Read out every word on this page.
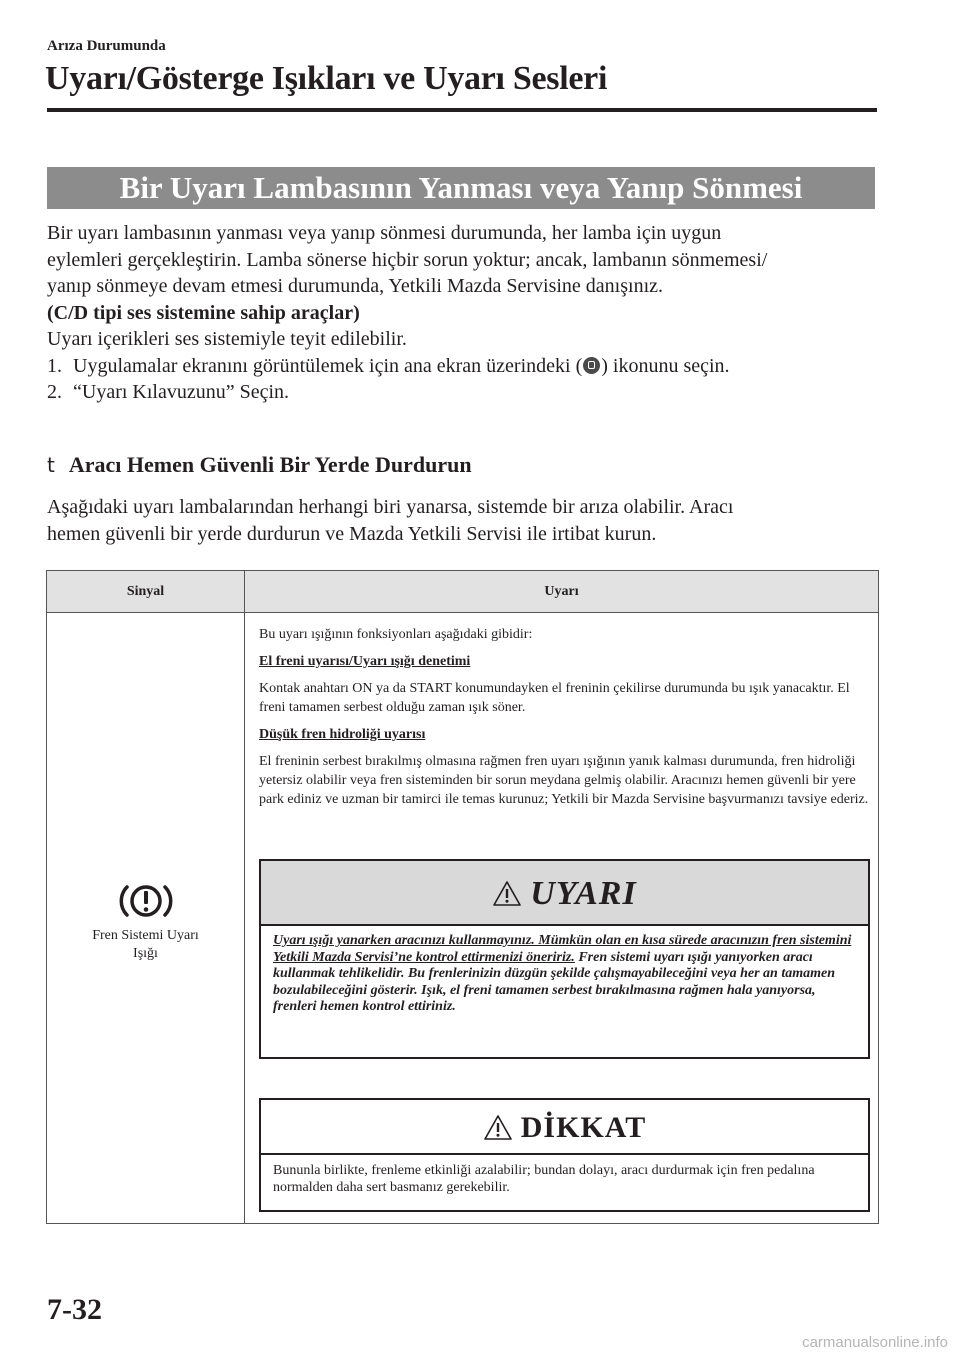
Arıza Durumunda
Uyarı/Gösterge Işıkları ve Uyarı Sesleri
Bir Uyarı Lambasının Yanması veya Yanıp Sönmesi

Bir uyarı lambasının yanması veya yanıp sönmesi durumunda, her lamba için uygun

eylemleri gerçekleştirin. Lamba sönerse hiçbir sorun yoktur; ancak, lambanın sönmemesi/

yanıp sönmeye devam etmesi durumunda, Yetkili Mazda Servisine danışınız.

(C/D tipi ses sistemine sahip araçlar)

Uyarı içerikleri ses sistemiyle teyit edilebilir.

1. Uygulamalar ekranını görüntülemek için ana ekran üzerindeki ( ) ikonunu seçin.

2. “Uyarı Kılavuzunu” Seçin.

t Aracı Hemen Güvenli Bir Yerde Durdurun

Aşağıdaki uyarı lambalarından herhangi biri yanarsa, sistemde bir arıza olabilir. Aracı

hemen güvenli bir yerde durdurun ve Mazda Yetkili Servisi ile irtibat kurun.

Sinyal	Uyarı
Fren Sistemi Uyarı
Işığı

Bu uyarı ışığının fonksiyonları aşağıdaki gibidir:

El freni uyarısı/Uyarı ışığı denetimi

Kontak anahtarı ON ya da START konumundayken el freninin çekilirse durumunda bu ışık yanacaktır. El freni tamamen serbest olduğu zaman ışık söner.

Düşük fren hidroliği uyarısı

El freninin serbest bırakılmış olmasına rağmen fren uyarı ışığının yanık kalması durumunda, fren hidroliği yetersiz olabilir veya fren sisteminden bir sorun meydana gelmiş olabilir. Aracınızı hemen güvenli bir yere park ediniz ve uzman bir tamirci ile temas kurunuz; Yetkili bir Mazda Servisine başvurmanızı tavsiye ederiz.

UYARI
Uyarı ışığı yanarken aracınızı kullanmayınız. Mümkün olan en kısa sürede aracınızın fren sistemini Yetkili Mazda Servisi’ne kontrol ettirmenizi öneririz. Fren sistemi uyarı ışığı yanıyorken aracı kullanmak tehlikelidir. Bu frenlerinizin düzgün şekilde çalışmayabileceğini veya her an tamamen bozulabileceğini gösterir. Işık, el freni tamamen serbest bırakılmasına rağmen hala yanıyorsa, frenleri hemen kontrol ettiriniz.
DİKKAT
Bununla birlikte, frenleme etkinliği azalabilir; bundan dolayı, aracı durdurmak için fren pedalına normalden daha sert basmanız gerekebilir.
7-32
carmanualsonline.info
